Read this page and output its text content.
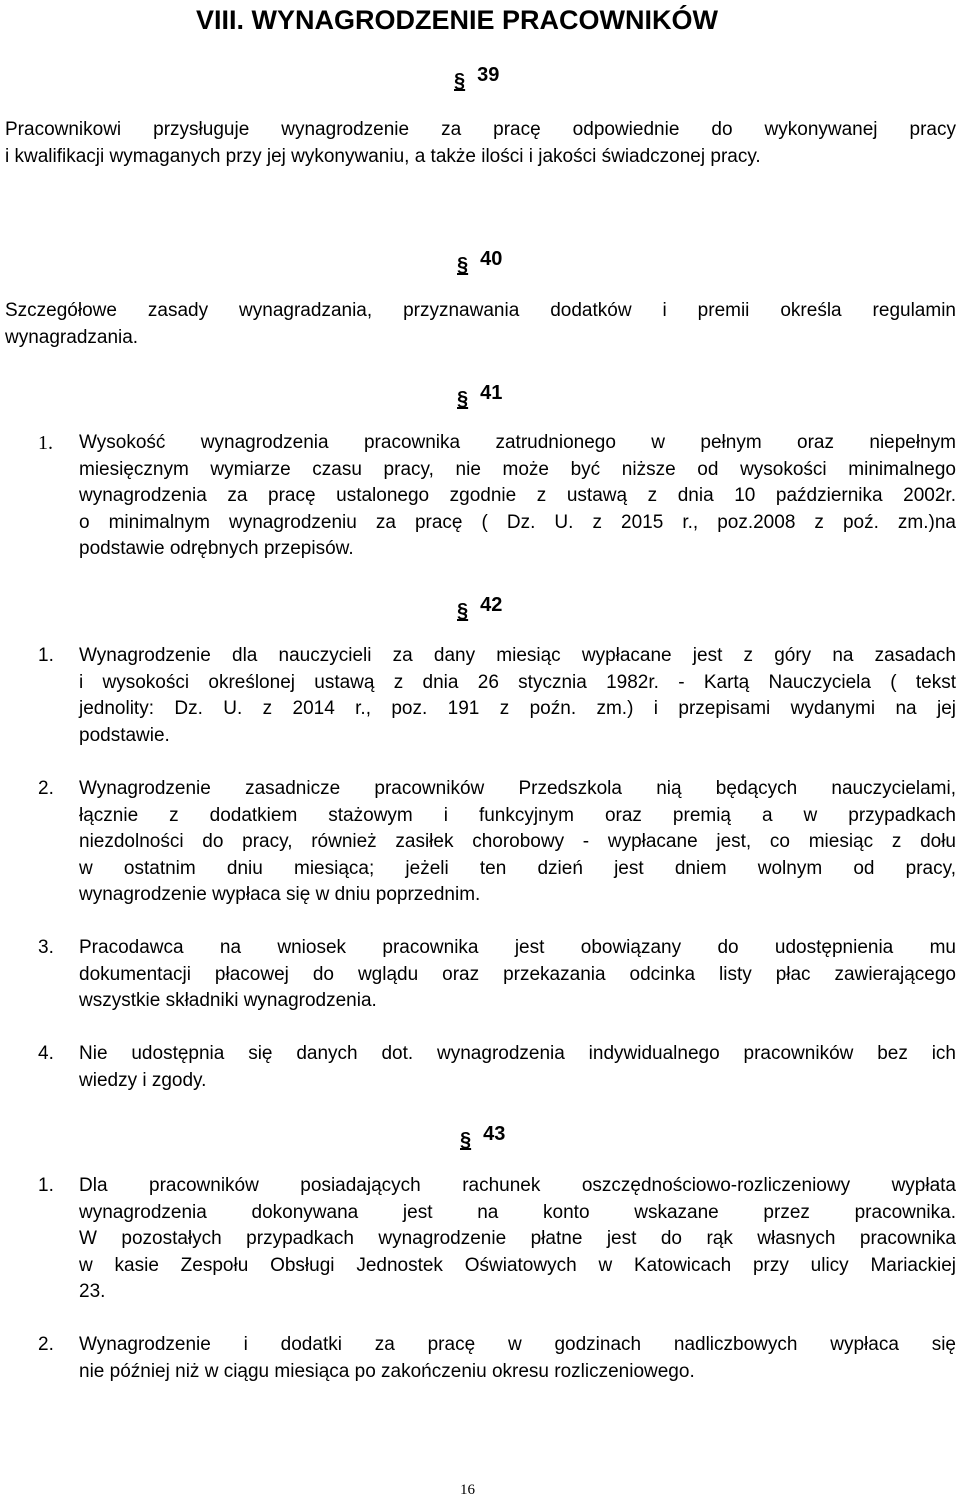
VIII. WYNAGRODZENIE PRACOWNIKÓW
§ 39
Pracownikowi przysługuje wynagrodzenie za pracę odpowiednie do wykonywanej pracy
i kwalifikacji wymaganych przy jej wykonywaniu, a także ilości i jakości świadczonej pracy.
§ 40
Szczegółowe zasady wynagradzania, przyznawania dodatków i premii określa regulamin
wynagradzania.
§ 41
1. Wysokość wynagrodzenia pracownika zatrudnionego w pełnym oraz niepełnym
miesięcznym wymiarze czasu pracy, nie może być niższe od wysokości minimalnego
wynagrodzenia za pracę ustalonego zgodnie z ustawą z dnia 10 października 2002r.
o minimalnym wynagrodzeniu za pracę ( Dz. U. z 2015 r., poz.2008 z poź. zm.)na
podstawie odrębnych przepisów.
§ 42
1. Wynagrodzenie dla nauczycieli za dany miesiąc wypłacane jest z góry na zasadach
i wysokości określonej ustawą z dnia 26 stycznia 1982r. - Kartą Nauczyciela ( tekst
jednolity: Dz. U. z 2014 r., poz. 191 z poźn. zm.) i przepisami wydanymi na jej
podstawie.
2. Wynagrodzenie zasadnicze pracowników Przedszkola nią będących nauczycielami,
łącznie z dodatkiem stażowym i funkcyjnym oraz premią a w przypadkach
niezdolności do pracy, również zasiłek chorobowy - wypłacane jest, co miesiąc z dołu
w ostatnim dniu miesiąca; jeżeli ten dzień jest dniem wolnym od pracy,
wynagrodzenie wypłaca się w dniu poprzednim.
3. Pracodawca na wniosek pracownika jest obowiązany do udostępnienia mu
dokumentacji płacowej do wglądu oraz przekazania odcinka listy płac zawierającego
wszystkie składniki wynagrodzenia.
4. Nie udostępnia się danych dot. wynagrodzenia indywidualnego pracowników bez ich
wiedzy i zgody.
§ 43
1. Dla pracowników posiadających rachunek oszczędnościowo-rozliczeniowy wypłata
wynagrodzenia dokonywana jest na konto wskazane przez pracownika.
W pozostałych przypadkach wynagrodzenie płatne jest do rąk własnych pracownika
w kasie Zespołu Obsługi Jednostek Oświatowych w Katowicach przy ulicy Mariackiej
23.
2. Wynagrodzenie i dodatki za pracę w godzinach nadliczbowych wypłaca się
nie później niż w ciągu miesiąca po zakończeniu okresu rozliczeniowego.
16
